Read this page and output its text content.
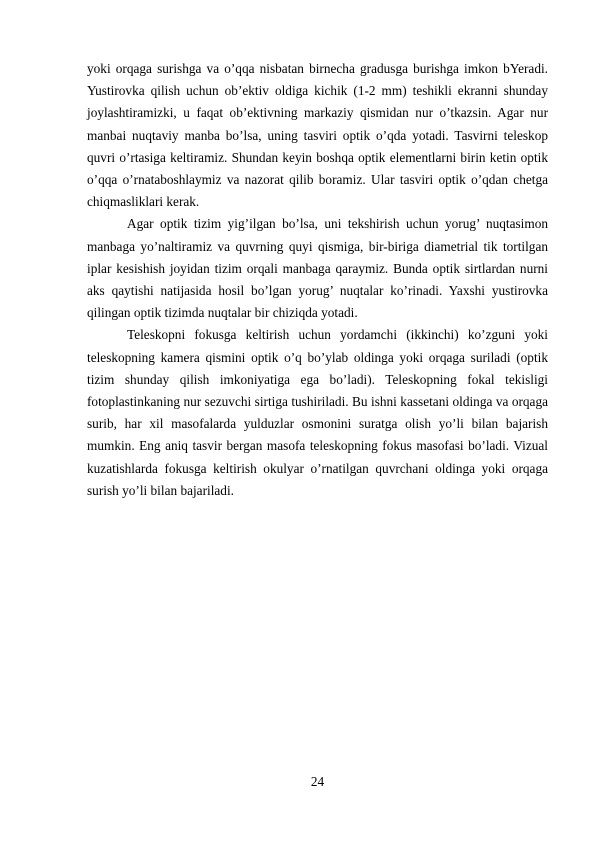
yoki orqaga surishga va o’qqa nisbatan birnecha gradusga burishga imkon bYeradi. Yustirovka qilish uchun ob’ektiv oldiga kichik (1-2 mm) teshikli ekranni shunday joylashtiramizki, u faqat ob’ektivning markaziy qismidan nur o’tkazsin. Agar nur manbai nuqtaviy manba bo’lsa, uning tasviri optik o’qda yotadi. Tasvirni teleskop quvri o’rtasiga keltiramiz. Shundan keyin boshqa optik elementlarni birin ketin optik o’qqa o’rnataboshlaymiz va nazorat qilib boramiz. Ular tasviri optik o’qdan chetga chiqmasliklari kerak.

Agar optik tizim yig’ilgan bo’lsa, uni tekshirish uchun yorug’ nuqtasimon manbaga yo’naltiramiz va quvrning quyi qismiga, bir-biriga diametrial tik tortilgan iplar kesishish joyidan tizim orqali manbaga qaraymiz. Bunda optik sirtlardan nurni aks qaytishi natijasida hosil bo’lgan yorug’ nuqtalar ko’rinadi. Yaxshi yustirovka qilingan optik tizimda nuqtalar bir chiziqda yotadi.

Teleskopni fokusga keltirish uchun yordamchi (ikkinchi) ko’zguni yoki teleskopning kamera qismini optik o’q bo’ylab oldinga yoki orqaga suriladi (optik tizim shunday qilish imkoniyatiga ega bo’ladi). Teleskopning fokal tekisligi fotoplastinkaning nur sezuvchi sirtiga tushiriladi. Bu ishni kassetani oldinga va orqaga surib, har xil masofalarda yulduzlar osmonini suratga olish yo’li bilan bajarish mumkin. Eng aniq tasvir bergan masofa teleskopning fokus masofasi bo’ladi. Vizual kuzatishlarda fokusga keltirish okulyar o’rnatilgan quvrchani oldinga yoki orqaga surish yo’li bilan bajariladi.

24
